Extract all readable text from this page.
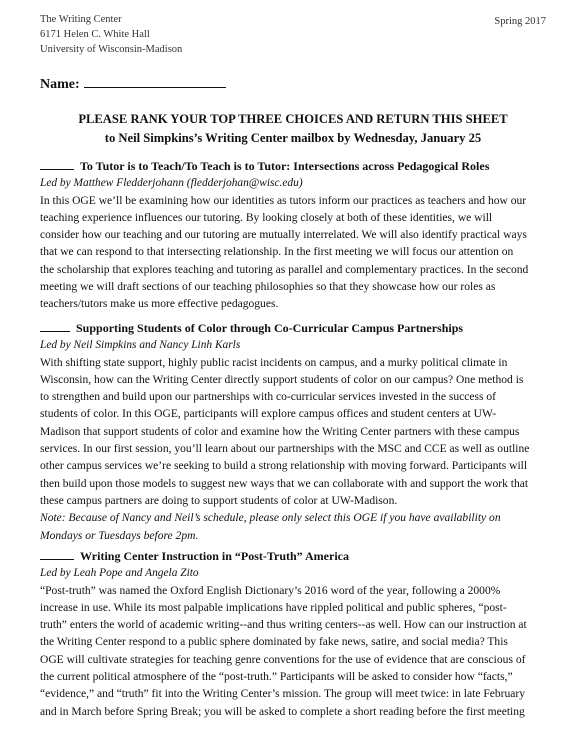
The Writing Center
6171 Helen C. White Hall
University of Wisconsin-Madison
Spring 2017
Name:
PLEASE RANK YOUR TOP THREE CHOICES AND RETURN THIS SHEET
to Neil Simpkins’s Writing Center mailbox by Wednesday, January 25
To Tutor is to Teach/To Teach is to Tutor: Intersections across Pedagogical Roles
Led by Matthew Fledderjohann (fledderjohan@wisc.edu)
In this OGE we’ll be examining how our identities as tutors inform our practices as teachers and how our
teaching experience influences our tutoring. By looking closely at both of these identities, we will
consider how our teaching and our tutoring are mutually interrelated. We will also identify practical ways
that we can respond to that intersecting relationship. In the first meeting we will focus our attention on
the scholarship that explores teaching and tutoring as parallel and complementary practices. In the second
meeting we will draft sections of our teaching philosophies so that they showcase how our roles as
teachers/tutors make us more effective pedagogues.
Supporting Students of Color through Co-Curricular Campus Partnerships
Led by Neil Simpkins and Nancy Linh Karls
With shifting state support, highly public racist incidents on campus, and a murky political climate in
Wisconsin, how can the Writing Center directly support students of color on our campus? One method is
to strengthen and build upon our partnerships with co-curricular services invested in the success of
students of color. In this OGE, participants will explore campus offices and student centers at UW-
Madison that support students of color and examine how the Writing Center partners with these campus
services. In our first session, you’ll learn about our partnerships with the MSC and CCE as well as outline
other campus services we’re seeking to build a strong relationship with moving forward. Participants will
then build upon those models to suggest new ways that we can collaborate with and support the work that
these campus partners are doing to support students of color at UW-Madison.
Note: Because of Nancy and Neil’s schedule, please only select this OGE if you have availability on
Mondays or Tuesdays before 2pm.
Writing Center Instruction in “Post-Truth” America
Led by Leah Pope and Angela Zito
“Post-truth” was named the Oxford English Dictionary’s 2016 word of the year, following a 2000%
increase in use. While its most palpable implications have rippled political and public spheres, “post-
truth” enters the world of academic writing--and thus writing centers--as well. How can our instruction at
the Writing Center respond to a public sphere dominated by fake news, satire, and social media? This
OGE will cultivate strategies for teaching genre conventions for the use of evidence that are conscious of
the current political atmosphere of the “post-truth.” Participants will be asked to consider how “facts,”
“evidence,” and “truth” fit into the Writing Center’s mission. The group will meet twice: in late February
and in March before Spring Break; you will be asked to complete a short reading before the first meeting
